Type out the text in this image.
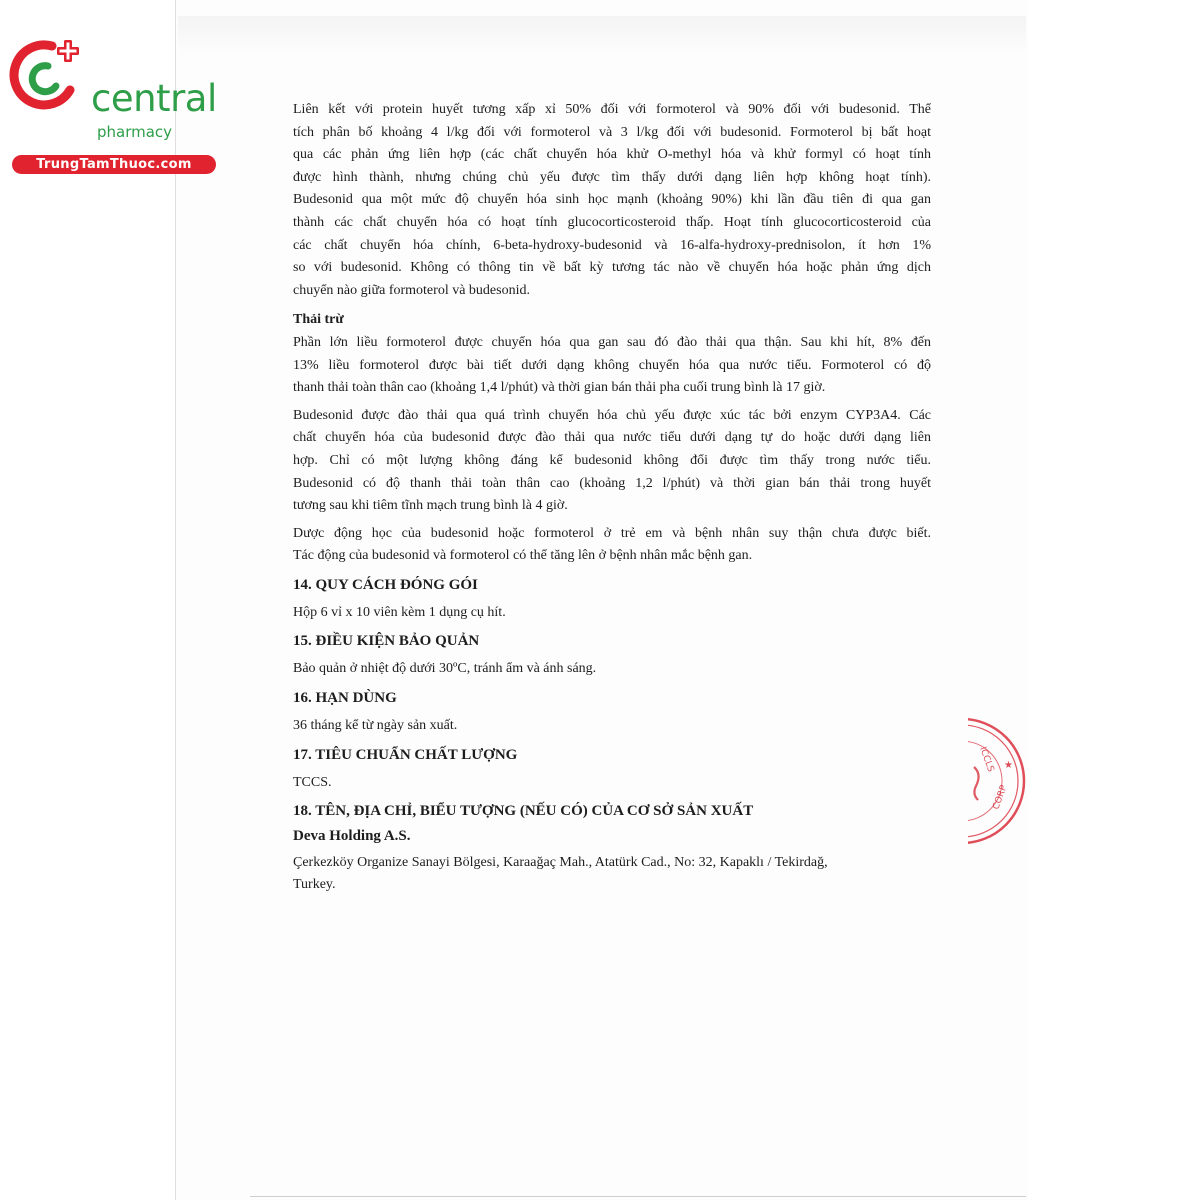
central
pharmacy
TrungTamThuoc.com

Liên kết với protein huyết tương xấp xỉ 50% đối với formoterol và 90% đối với budesonid. Thể

tích phân bố khoảng 4 l/kg đối với formoterol và 3 l/kg đối với budesonid. Formoterol bị bất hoạt

qua các phản ứng liên hợp (các chất chuyển hóa khử O-methyl hóa và khử formyl có hoạt tính

được hình thành, nhưng chúng chủ yếu được tìm thấy dưới dạng liên hợp không hoạt tính).

Budesonid qua một mức độ chuyển hóa sinh học mạnh (khoảng 90%) khi lần đầu tiên đi qua gan

thành các chất chuyển hóa có hoạt tính glucocorticosteroid thấp. Hoạt tính glucocorticosteroid của

các chất chuyển hóa chính, 6-beta-hydroxy-budesonid và 16-alfa-hydroxy-prednisolon, ít hơn 1%

so với budesonid. Không có thông tin về bất kỳ tương tác nào về chuyển hóa hoặc phản ứng dịch

chuyển nào giữa formoterol và budesonid.

Thải trừ

Phần lớn liều formoterol được chuyển hóa qua gan sau đó đào thải qua thận. Sau khi hít, 8% đến

13% liều formoterol được bài tiết dưới dạng không chuyển hóa qua nước tiểu. Formoterol có độ

thanh thải toàn thân cao (khoảng 1,4 l/phút) và thời gian bán thải pha cuối trung bình là 17 giờ.

Budesonid được đào thải qua quá trình chuyển hóa chủ yếu được xúc tác bởi enzym CYP3A4. Các

chất chuyển hóa của budesonid được đào thải qua nước tiểu dưới dạng tự do hoặc dưới dạng liên

hợp. Chỉ có một lượng không đáng kể budesonid không đổi được tìm thấy trong nước tiểu.

Budesonid có độ thanh thải toàn thân cao (khoảng 1,2 l/phút) và thời gian bán thải trong huyết

tương sau khi tiêm tĩnh mạch trung bình là 4 giờ.

Dược động học của budesonid hoặc formoterol ở trẻ em và bệnh nhân suy thận chưa được biết.

Tác động của budesonid và formoterol có thể tăng lên ở bệnh nhân mắc bệnh gan.

14. QUY CÁCH ĐÓNG GÓI

Hộp 6 vỉ x 10 viên kèm 1 dụng cụ hít.

15. ĐIỀU KIỆN BẢO QUẢN

Bảo quản ở nhiệt độ dưới 30ºC, tránh ẩm và ánh sáng.

16. HẠN DÙNG

36 tháng kể từ ngày sản xuất.

17. TIÊU CHUẨN CHẤT LƯỢNG

TCCS.

18. TÊN, ĐỊA CHỈ, BIỂU TƯỢNG (NẾU CÓ) CỦA CƠ SỞ SẢN XUẤT

Deva Holding A.S.

Çerkezköy Organize Sanayi Bölgesi, Karaağaç Mah., Atatürk Cad., No: 32, Kapaklı / Tekirdağ,

Turkey.

ICCLS ★
CORP
